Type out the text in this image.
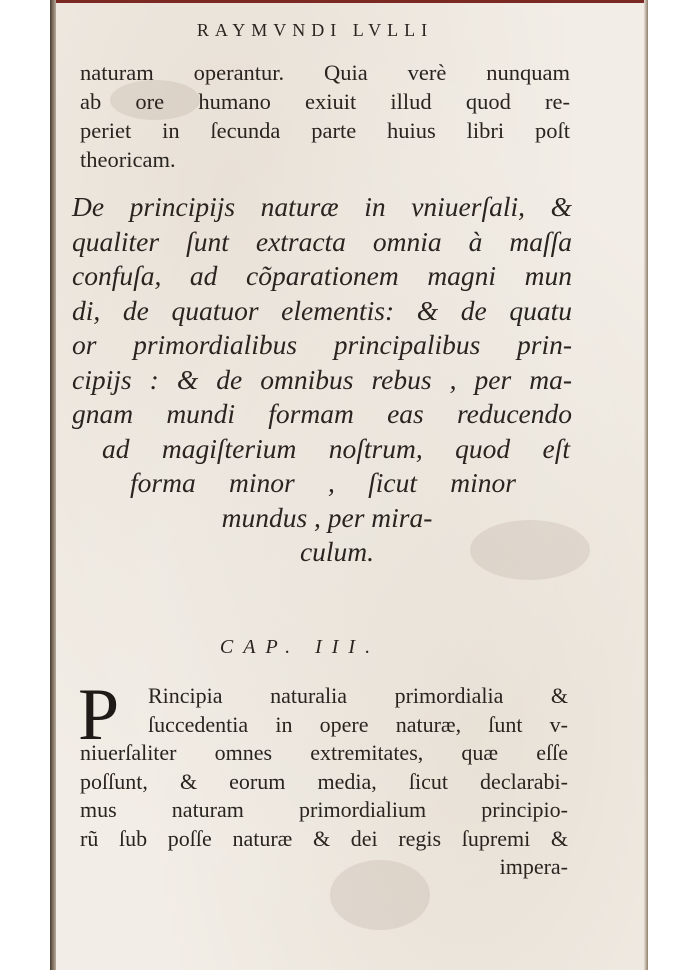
RAYMVNDI LVLLI
naturam operantur. Quia verè nunquam
ab ore humano exiuit illud quod re-
periet in ſecunda parte huius libri poſt
theoricam.
De principijs naturæ in vniuerſali, &
qualiter ſunt extracta omnia à maſſa
confuſa, ad cõparationem magni mun
di, de quatuor elementis: & de quatu
or primordialibus principalibus prin-
cipijs : & de omnibus rebus , per ma-
gnam mundi formam eas reducendo
ad magiſterium noſtrum, quod eſt
forma minor , ſicut minor
mundus , per mira-
culum.
CAP. III.
P	Rincipia naturalia primordialia &
ſuccedentia in opere naturæ, ſunt v-
niuerſaliter omnes extremitates, quæ eſſe
poſſunt, & eorum media, ſicut declarabi-
mus naturam primordialium principio-
rũ ſub poſſe naturæ & dei regis ſupremi &
impera-
